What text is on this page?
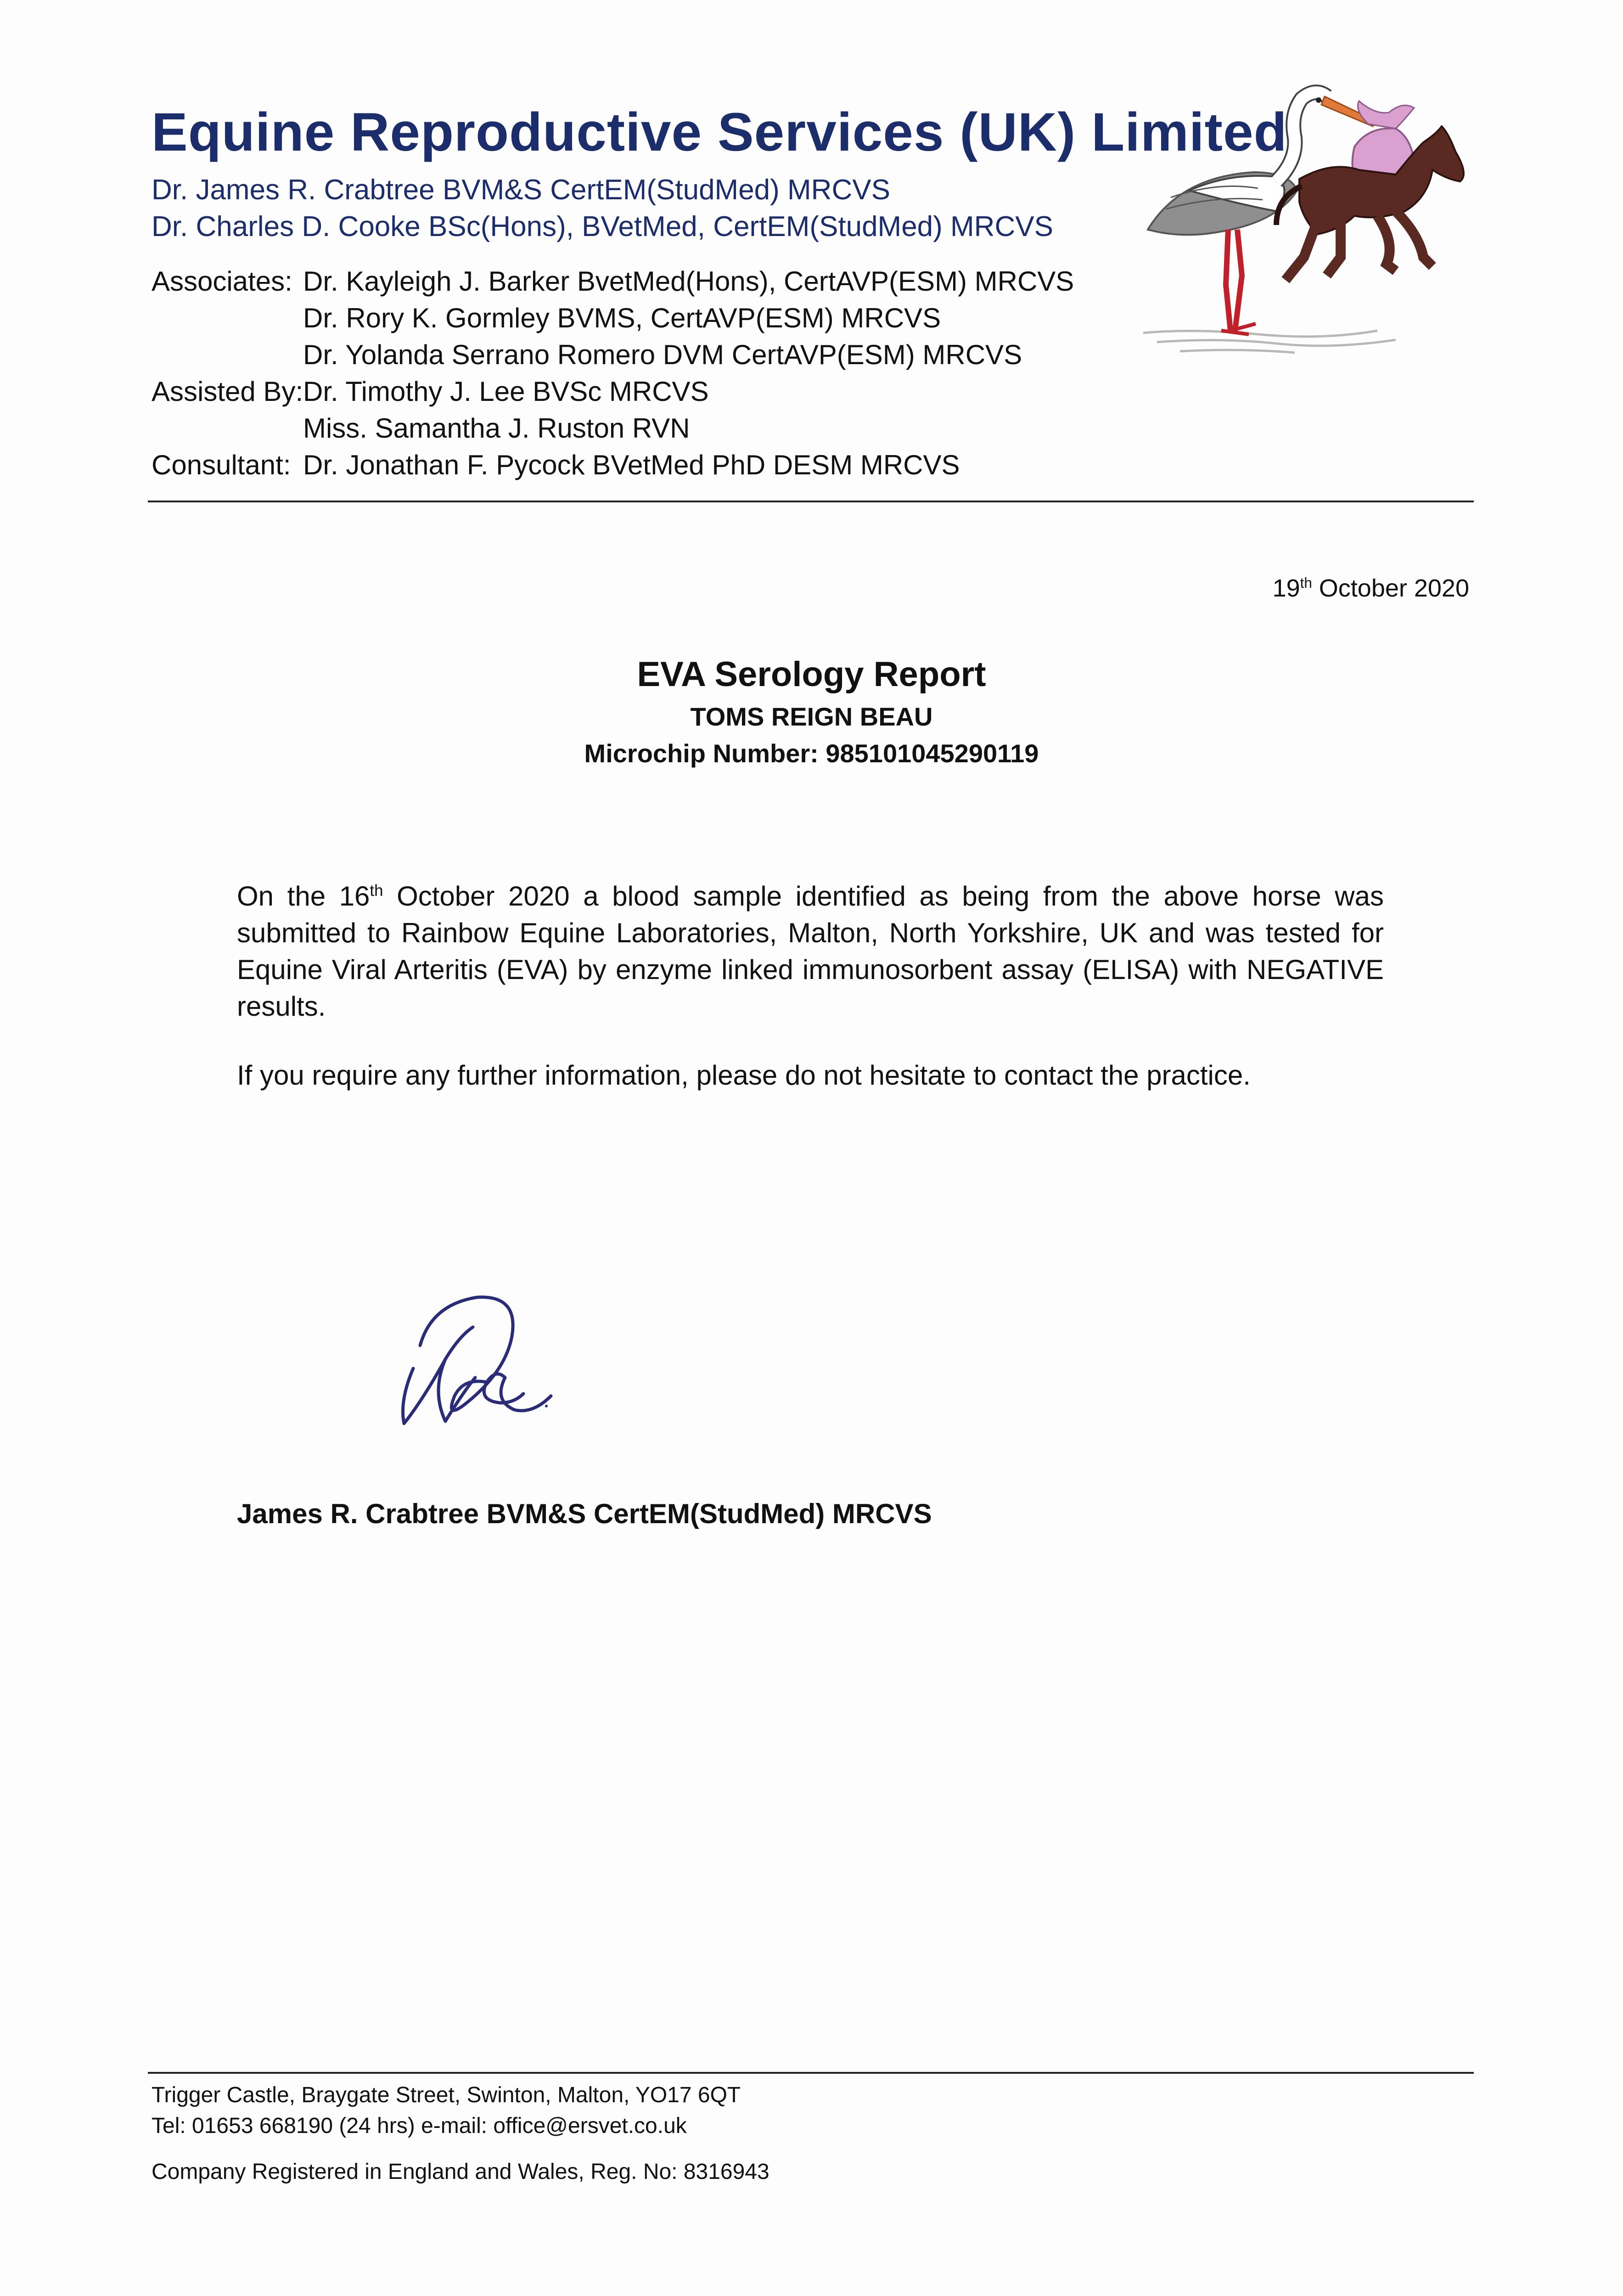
Equine Reproductive Services (UK) Limited
Dr. James R. Crabtree BVM&S CertEM(StudMed) MRCVS
Dr. Charles D. Cooke BSc(Hons), BVetMed, CertEM(StudMed) MRCVS
Associates: Dr. Kayleigh J. Barker BvetMed(Hons), CertAVP(ESM) MRCVS
Dr. Rory K. Gormley BVMS, CertAVP(ESM) MRCVS
Dr. Yolanda Serrano Romero DVM CertAVP(ESM) MRCVS
Assisted By: Dr. Timothy J. Lee BVSc MRCVS
Miss. Samantha J. Ruston RVN
Consultant: Dr. Jonathan F. Pycock BVetMed PhD DESM MRCVS
19th October 2020
EVA Serology Report
TOMS REIGN BEAU
Microchip Number: 985101045290119
On the 16th October 2020 a blood sample identified as being from the above horse was submitted to Rainbow Equine Laboratories, Malton, North Yorkshire, UK and was tested for Equine Viral Arteritis (EVA) by enzyme linked immunosorbent assay (ELISA) with NEGATIVE results.
If you require any further information, please do not hesitate to contact the practice.
James R. Crabtree BVM&S CertEM(StudMed) MRCVS
Trigger Castle, Braygate Street, Swinton, Malton, YO17 6QT
Tel: 01653 668190 (24 hrs) e-mail: office@ersvet.co.uk
Company Registered in England and Wales, Reg. No: 8316943
